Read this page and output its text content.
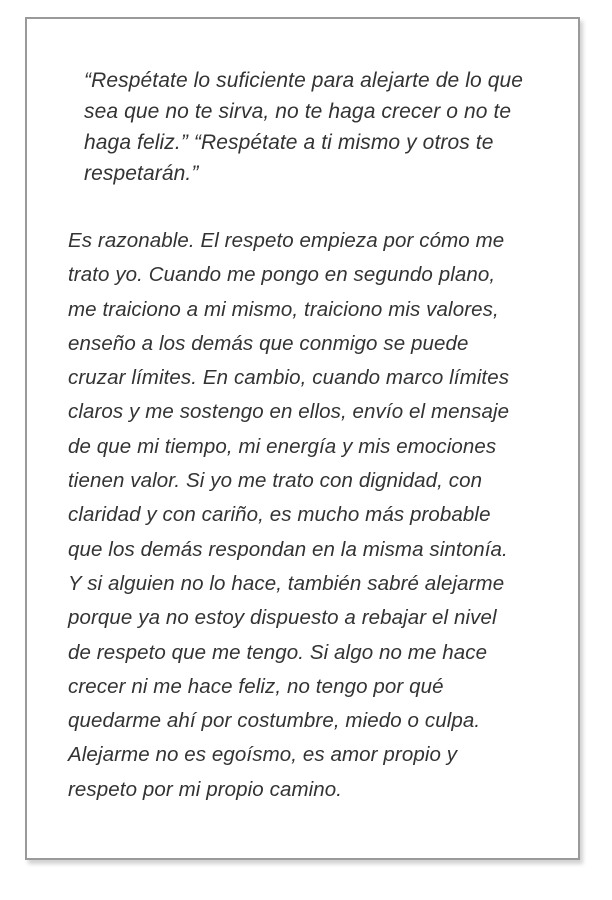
“Respétate lo suficiente para alejarte de lo que
sea que no te sirva, no te haga crecer o no te
haga feliz.” “Respétate a ti mismo y otros te
respetarán.”

Es razonable. El respeto empieza por cómo me
trato yo. Cuando me pongo en segundo plano,
me traiciono a mi mismo, traiciono mis valores,
enseño a los demás que conmigo se puede
cruzar límites. En cambio, cuando marco límites
claros y me sostengo en ellos, envío el mensaje
de que mi tiempo, mi energía y mis emociones
tienen valor. Si yo me trato con dignidad, con
claridad y con cariño, es mucho más probable
que los demás respondan en la misma sintonía.
Y si alguien no lo hace, también sabré alejarme
porque ya no estoy dispuesto a rebajar el nivel
de respeto que me tengo. Si algo no me hace
crecer ni me hace feliz, no tengo por qué
quedarme ahí por costumbre, miedo o culpa.
Alejarme no es egoísmo, es amor propio y
respeto por mi propio camino.
